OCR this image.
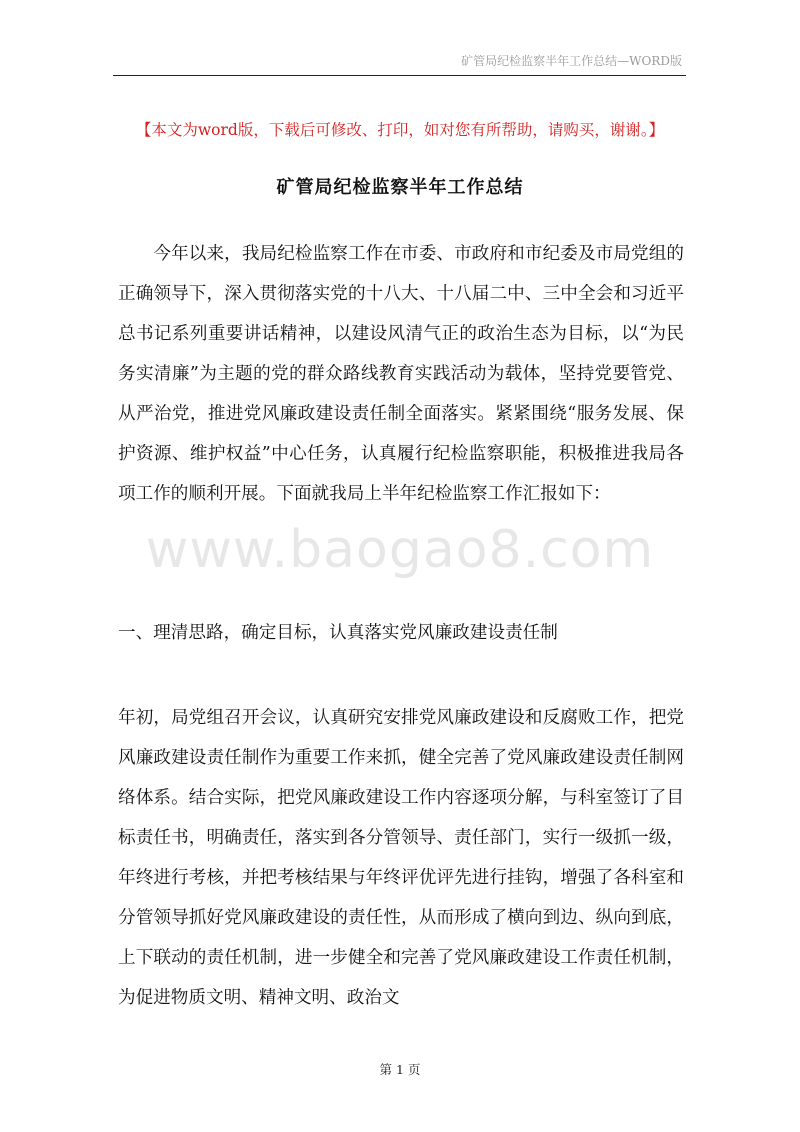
矿管局纪检监察半年工作总结—WORD版
【本文为word版，下载后可修改、打印，如对您有所帮助，请购买，谢谢。】
矿管局纪检监察半年工作总结

　　今年以来，我局纪检监察工作在市委、市政府和市纪委及市局党组的正确领导下，深入贯彻落实党的十八大、十八届二中、三中全会和习近平总书记系列重要讲话精神，以建设风清气正的政治生态为目标，以“为民务实清廉”为主题的党的群众路线教育实践活动为载体，坚持党要管党、从严治党，推进党风廉政建设责任制全面落实。紧紧围绕“服务发展、保护资源、维护权益”中心任务，认真履行纪检监察职能，积极推进我局各项工作的顺利开展。下面就我局上半年纪检监察工作汇报如下：

www.baogao8.com
一、理清思路，确定目标，认真落实党风廉政建设责任制

年初，局党组召开会议，认真研究安排党风廉政建设和反腐败工作，把党风廉政建设责任制作为重要工作来抓，健全完善了党风廉政建设责任制网络体系。结合实际，把党风廉政建设工作内容逐项分解，与科室签订了目标责任书，明确责任，落实到各分管领导、责任部门，实行一级抓一级，年终进行考核，并把考核结果与年终评优评先进行挂钩，增强了各科室和分管领导抓好党风廉政建设的责任性，从而形成了横向到边、纵向到底，上下联动的责任机制，进一步健全和完善了党风廉政建设工作责任机制，为促进物质文明、精神文明、政治文

第 1 页
